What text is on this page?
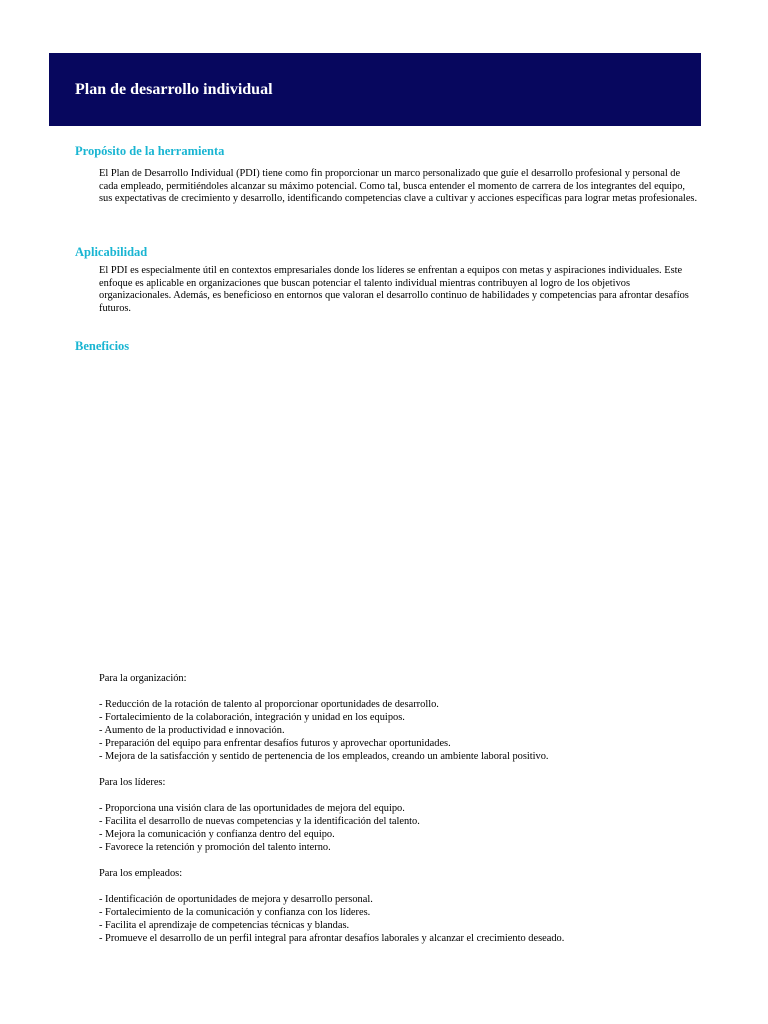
Plan de desarrollo individual
Propósito de la herramienta

El Plan de Desarrollo Individual (PDI) tiene como fin proporcionar un marco personalizado que guíe el desarrollo profesional y personal de cada empleado, permitiéndoles alcanzar su máximo potencial. Como tal, busca entender el momento de carrera de los integrantes del equipo, sus expectativas de crecimiento y desarrollo, identificando competencias clave a cultivar y acciones específicas para lograr metas profesionales.

Aplicabilidad

El PDI es especialmente útil en contextos empresariales donde los líderes se enfrentan a equipos con metas y aspiraciones individuales. Este enfoque es aplicable en organizaciones que buscan potenciar el talento individual mientras contribuyen al logro de los objetivos organizacionales. Además, es beneficioso en entornos que valoran el desarrollo continuo de habilidades y competencias para afrontar desafíos futuros.

Beneficios

Para la organización:

- Reducción de la rotación de talento al proporcionar oportunidades de desarrollo.
- Fortalecimiento de la colaboración, integración y unidad en los equipos.
- Aumento de la productividad e innovación.
- Preparación del equipo para enfrentar desafíos futuros y aprovechar oportunidades.
- Mejora de la satisfacción y sentido de pertenencia de los empleados, creando un ambiente laboral positivo.

Para los líderes:

- Proporciona una visión clara de las oportunidades de mejora del equipo.
- Facilita el desarrollo de nuevas competencias y la identificación del talento.
- Mejora la comunicación y confianza dentro del equipo.
- Favorece la retención y promoción del talento interno.

Para los empleados:

- Identificación de oportunidades de mejora y desarrollo personal.
- Fortalecimiento de la comunicación y confianza con los líderes.
- Facilita el aprendizaje de competencias técnicas y blandas.
- Promueve el desarrollo de un perfil integral para afrontar desafíos laborales y alcanzar el crecimiento deseado.
